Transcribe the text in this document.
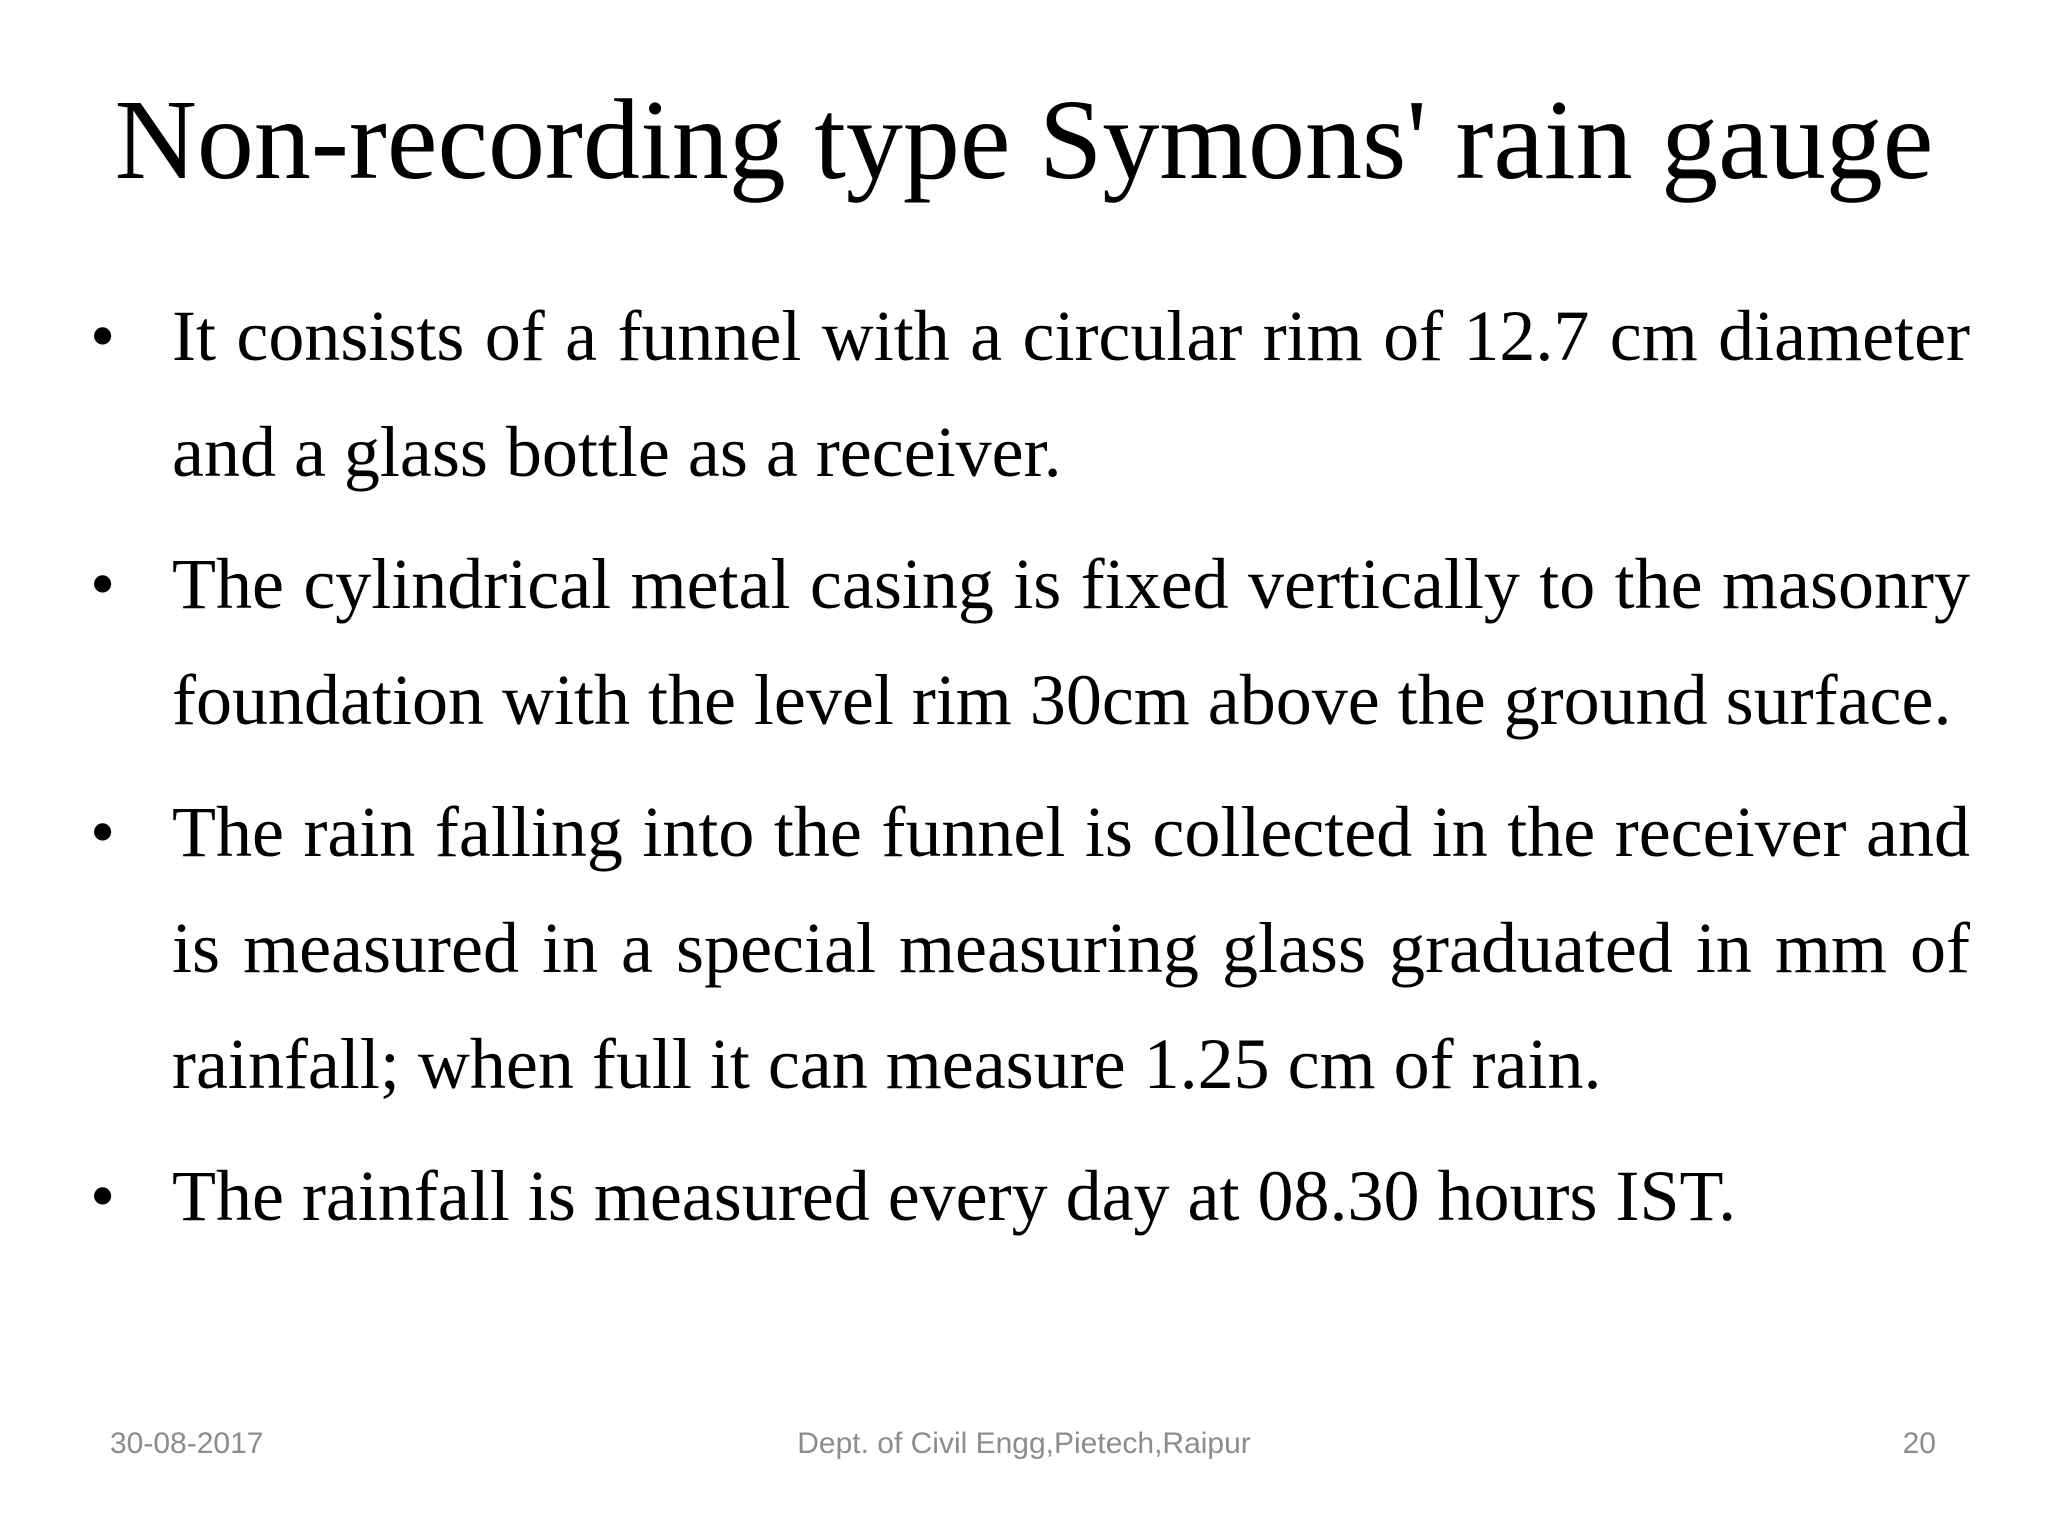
Non-recording type Symons' rain gauge
• It consists of a funnel with a circular rim of 12.7 cm diameter and a glass bottle as a receiver.
• The cylindrical metal casing is fixed vertically to the masonry foundation with the level rim 30cm above the ground surface.
• The rain falling into the funnel is collected in the receiver and is measured in a special measuring glass graduated in mm of rainfall; when full it can measure 1.25 cm of rain.
• The rainfall is measured every day at 08.30 hours IST.
30-08-2017	Dept. of Civil Engg,Pietech,Raipur	20
